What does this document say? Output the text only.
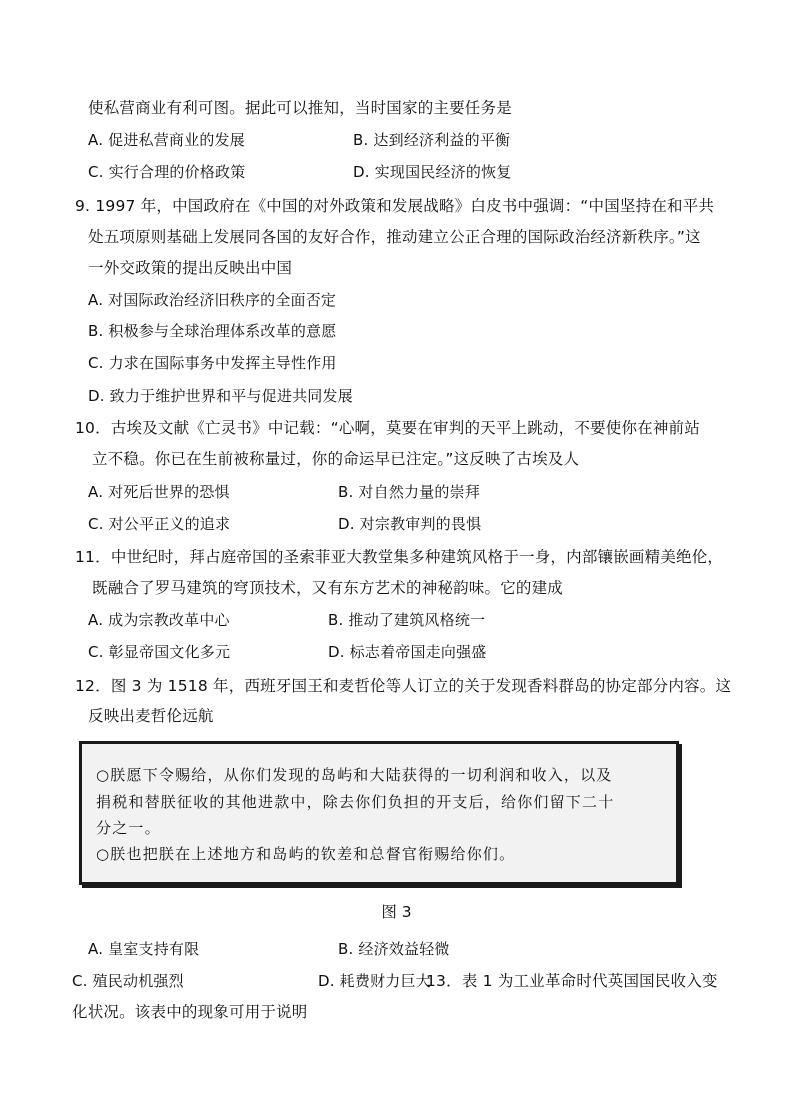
使私营商业有利可图。据此可以推知，当时国家的主要任务是
A. 促进私营商业的发展	B. 达到经济利益的平衡
C. 实行合理的价格政策	D. 实现国民经济的恢复
9. 1997 年，中国政府在《中国的对外政策和发展战略》白皮书中强调：“中国坚持在和平共
处五项原则基础上发展同各国的友好合作，推动建立公正合理的国际政治经济新秩序。”这
一外交政策的提出反映出中国
A. 对国际政治经济旧秩序的全面否定
B. 积极参与全球治理体系改革的意愿
C. 力求在国际事务中发挥主导性作用
D. 致力于维护世界和平与促进共同发展
10．古埃及文献《亡灵书》中记载：“心啊，莫要在审判的天平上跳动，不要使你在神前站
立不稳。你已在生前被称量过，你的命运早已注定。”这反映了古埃及人
A. 对死后世界的恐惧	B. 对自然力量的崇拜
C. 对公平正义的追求	D. 对宗教审判的畏惧
11．中世纪时，拜占庭帝国的圣索菲亚大教堂集多种建筑风格于一身，内部镶嵌画精美绝伦，
既融合了罗马建筑的穹顶技术，又有东方艺术的神秘韵味。它的建成
A. 成为宗教改革中心	B. 推动了建筑风格统一
C. 彰显帝国文化多元	D. 标志着帝国走向强盛
12．图 3 为 1518 年，西班牙国王和麦哲伦等人订立的关于发现香料群岛的协定部分内容。这
反映出麦哲伦远航
○朕愿下令赐给，从你们发现的岛屿和大陆获得的一切利润和收入，以及
捐税和替朕征收的其他进款中，除去你们负担的开支后，给你们留下二十
分之一。
○朕也把朕在上述地方和岛屿的钦差和总督官衔赐给你们。
图 3
A. 皇室支持有限	B. 经济效益轻微
C. 殖民动机强烈	D. 耗费财力巨大
13．表 1 为工业革命时代英国国民收入变
化状况。该表中的现象可用于说明
